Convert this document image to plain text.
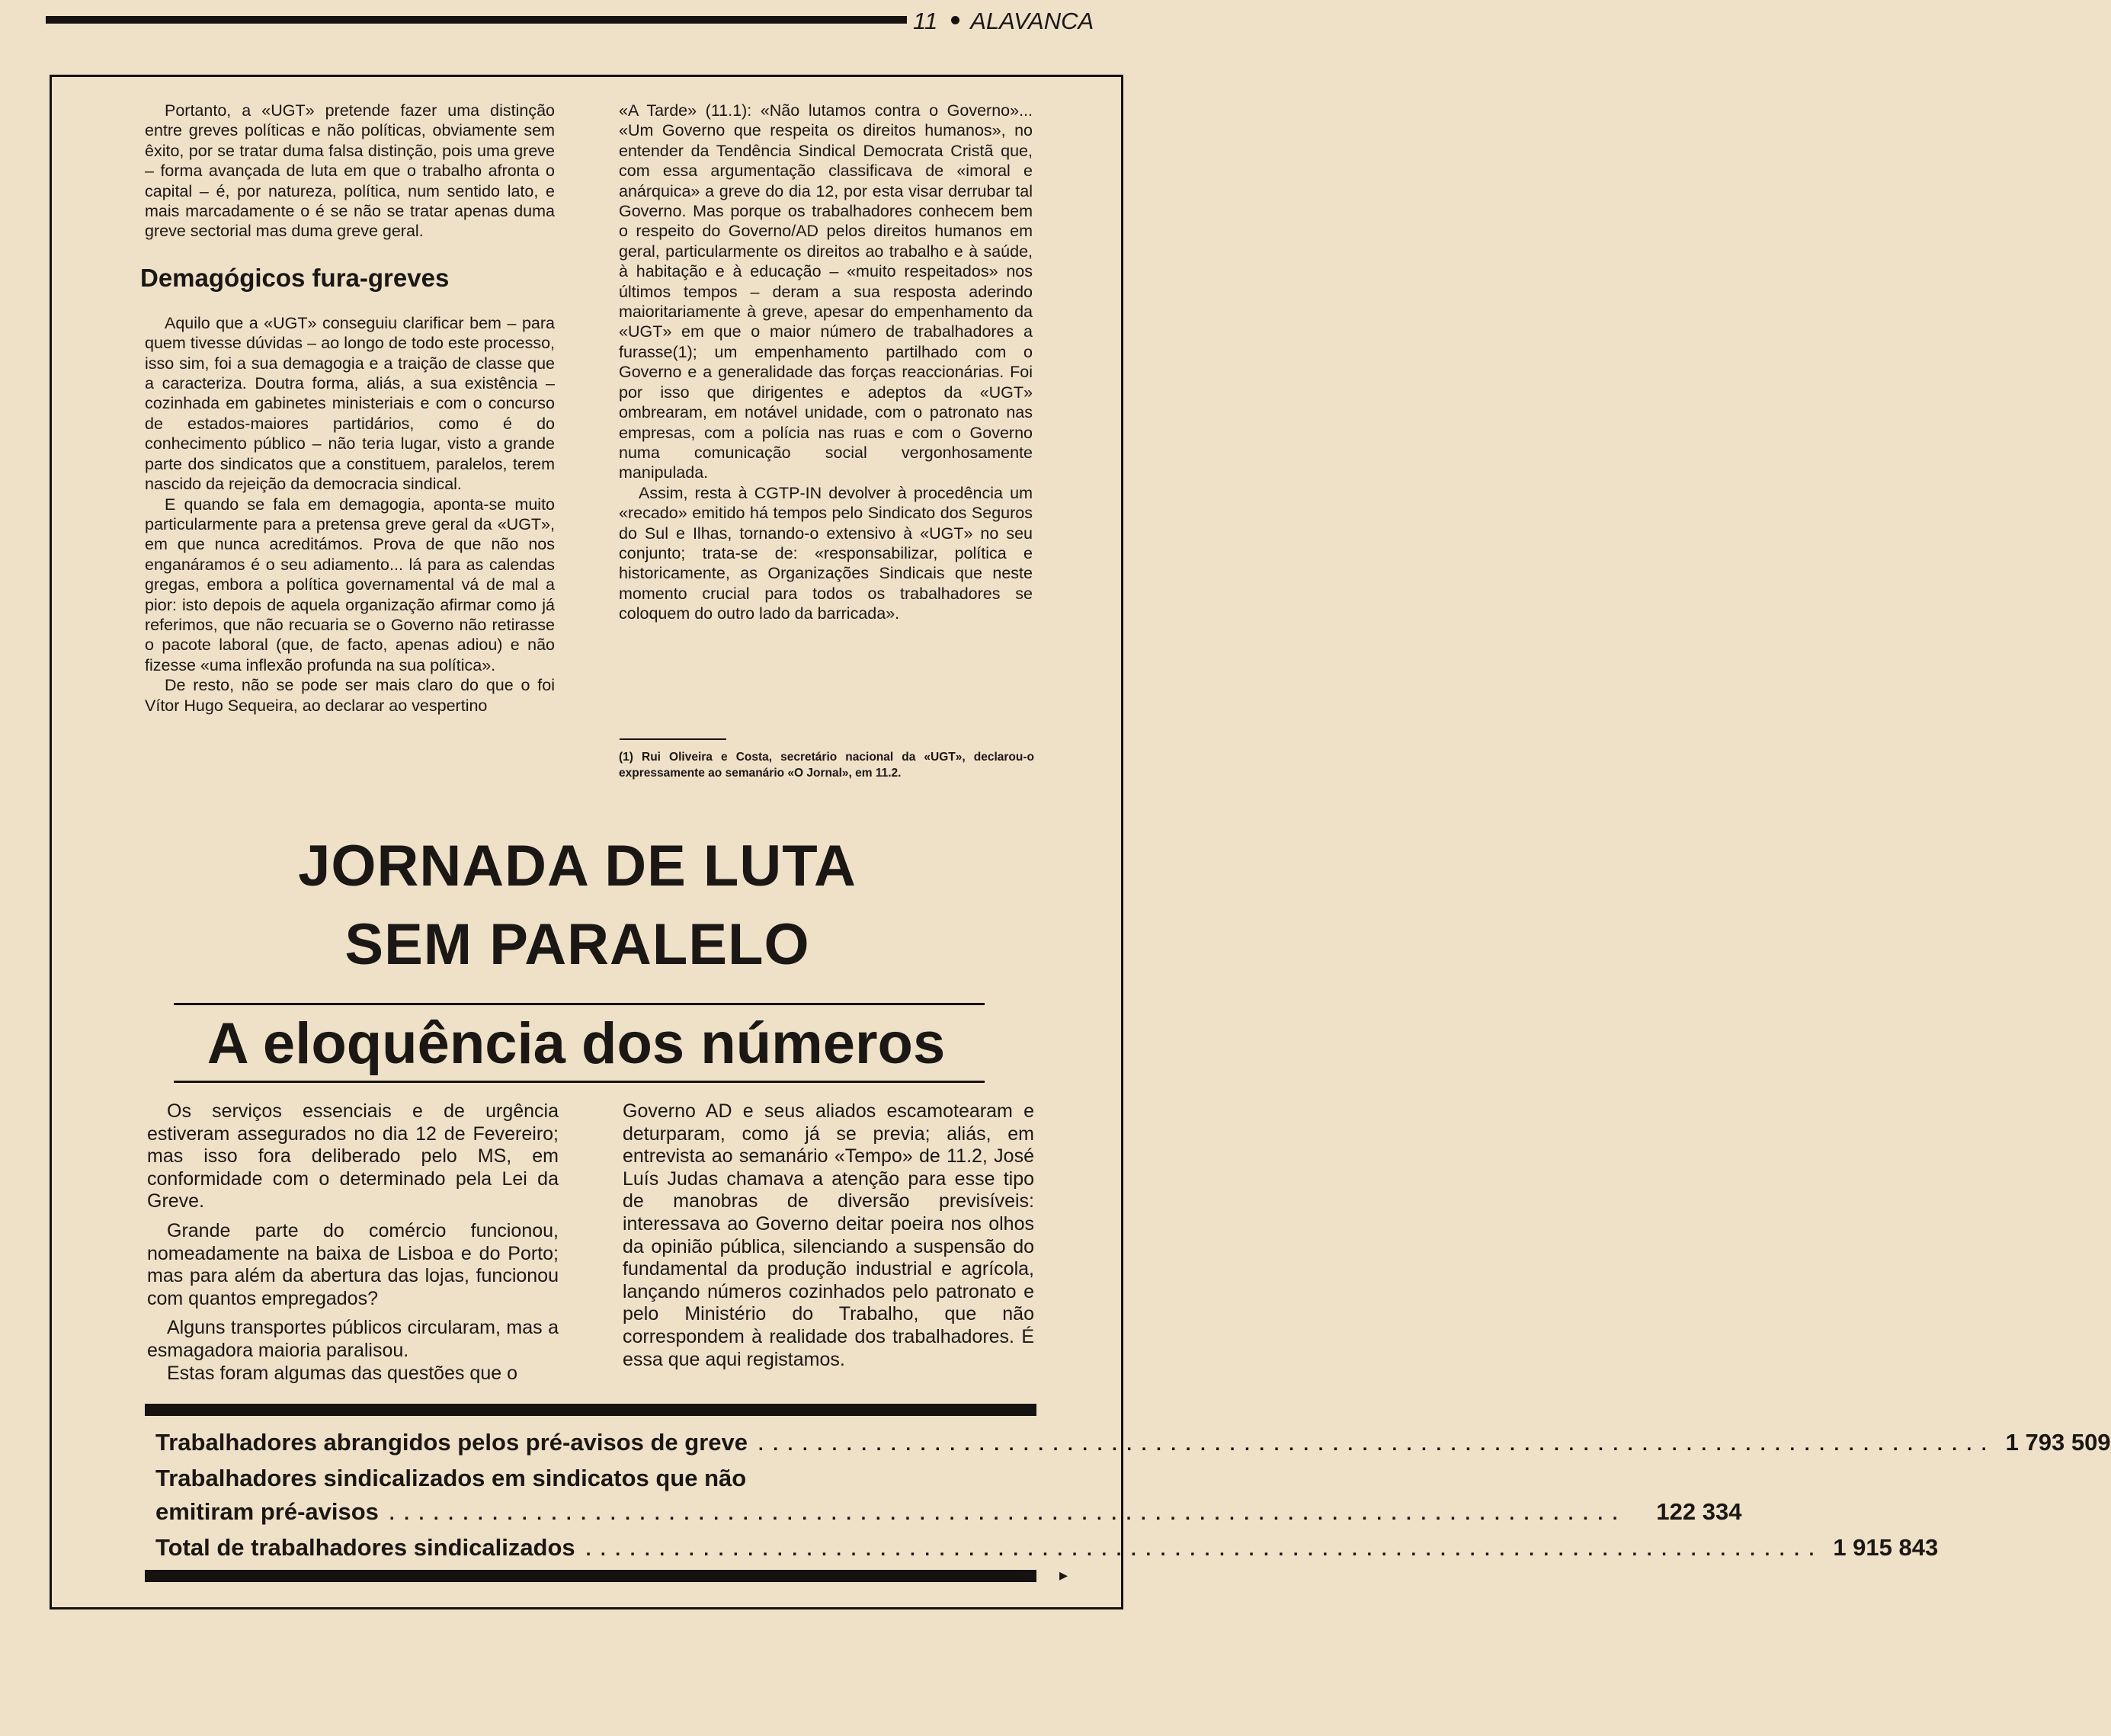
11 ALAVANCA

Portanto, a «UGT» pretende fazer uma distinção entre greves políticas e não políticas, obviamente sem êxito, por se tratar duma falsa distinção, pois uma greve – forma avançada de luta em que o trabalho afronta o capital – é, por natureza, política, num sentido lato, e mais marcadamente o é se não se tratar apenas duma greve sectorial mas duma greve geral.

Demagógicos fura-greves

Aquilo que a «UGT» conseguiu clarificar bem – para quem tivesse dúvidas – ao longo de todo este processo, isso sim, foi a sua demagogia e a traição de classe que a caracteriza. Doutra forma, aliás, a sua existência – cozinhada em gabinetes ministeriais e com o concurso de estados-maiores partidários, como é do conhecimento público – não teria lugar, visto a grande parte dos sindicatos que a constituem, paralelos, terem nascido da rejeição da democracia sindical.

E quando se fala em demagogia, aponta-se muito particularmente para a pretensa greve geral da «UGT», em que nunca acreditámos. Prova de que não nos enganáramos é o seu adiamento... lá para as calendas gregas, embora a política governamental vá de mal a pior: isto depois de aquela organização afirmar como já referimos, que não recuaria se o Governo não retirasse o pacote laboral (que, de facto, apenas adiou) e não fizesse «uma inflexão profunda na sua política».

De resto, não se pode ser mais claro do que o foi Vítor Hugo Sequeira, ao declarar ao vespertino

«A Tarde» (11.1): «Não lutamos contra o Governo»... «Um Governo que respeita os direitos humanos», no entender da Tendência Sindical Democrata Cristã que, com essa argumentação classificava de «imoral e anárquica» a greve do dia 12, por esta visar derrubar tal Governo. Mas porque os trabalhadores conhecem bem o respeito do Governo/AD pelos direitos humanos em geral, particularmente os direitos ao trabalho e à saúde, à habitação e à educação – «muito respeitados» nos últimos tempos – deram a sua resposta aderindo maioritariamente à greve, apesar do empenhamento da «UGT» em que o maior número de trabalhadores a furasse(1); um empenhamento partilhado com o Governo e a generalidade das forças reaccionárias. Foi por isso que dirigentes e adeptos da «UGT» ombrearam, em notável unidade, com o patronato nas empresas, com a polícia nas ruas e com o Governo numa comunicação social vergonhosamente manipulada.

Assim, resta à CGTP-IN devolver à procedência um «recado» emitido há tempos pelo Sindicato dos Seguros do Sul e Ilhas, tornando-o extensivo à «UGT» no seu conjunto; trata-se de: «responsabilizar, política e historicamente, as Organizações Sindicais que neste momento crucial para todos os trabalhadores se coloquem do outro lado da barricada».

(1) Rui Oliveira e Costa, secretário nacional da «UGT», declarou-o expressamente ao semanário «O Jornal», em 11.2.
JORNADA DE LUTA
SEM PARALELO
A eloquência dos números

Os serviços essenciais e de urgência estiveram assegurados no dia 12 de Fevereiro; mas isso fora deliberado pelo MS, em conformidade com o determinado pela Lei da Greve.

Grande parte do comércio funcionou, nomeadamente na baixa de Lisboa e do Porto; mas para além da abertura das lojas, funcionou com quantos empregados?

Alguns transportes públicos circularam, mas a esmagadora maioria paralisou.

Estas foram algumas das questões que o

Governo AD e seus aliados escamotearam e deturparam, como já se previa; aliás, em entrevista ao semanário «Tempo» de 11.2, José Luís Judas chamava a atenção para esse tipo de manobras de diversão previsíveis: interessava ao Governo deitar poeira nos olhos da opinião pública, silenciando a suspensão do fundamental da produção industrial e agrícola, lançando números cozinhados pelo patronato e pelo Ministério do Trabalho, que não correspondem à realidade dos trabalhadores. É essa que aqui registamos.

Trabalhadores abrangidos pelos pré-avisos de greve . . . . . . . . . . . . . . . . . . . . . . . . . . . . . . . . . . . . . . . . . . . . . . . . . . . . . . . . . . . . . . . . . . . . . . . . . . . . . . . . . . . . 1 793 509
Trabalhadores sindicalizados em sindicatos que não
emitiram pré-avisos . . . . . . . . . . . . . . . . . . . . . . . . . . . . . . . . . . . . . . . . . . . . . . . . . . . . . . . . . . . . . . . . . . . . . . . . . . . . . . . . . . . .	122 334
Total de trabalhadores sindicalizados . . . . . . . . . . . . . . . . . . . . . . . . . . . . . . . . . . . . . . . . . . . . . . . . . . . . . . . . . . . . . . . . . . . . . . . . . . . . . . . . . . . . 1 915 843
▸
